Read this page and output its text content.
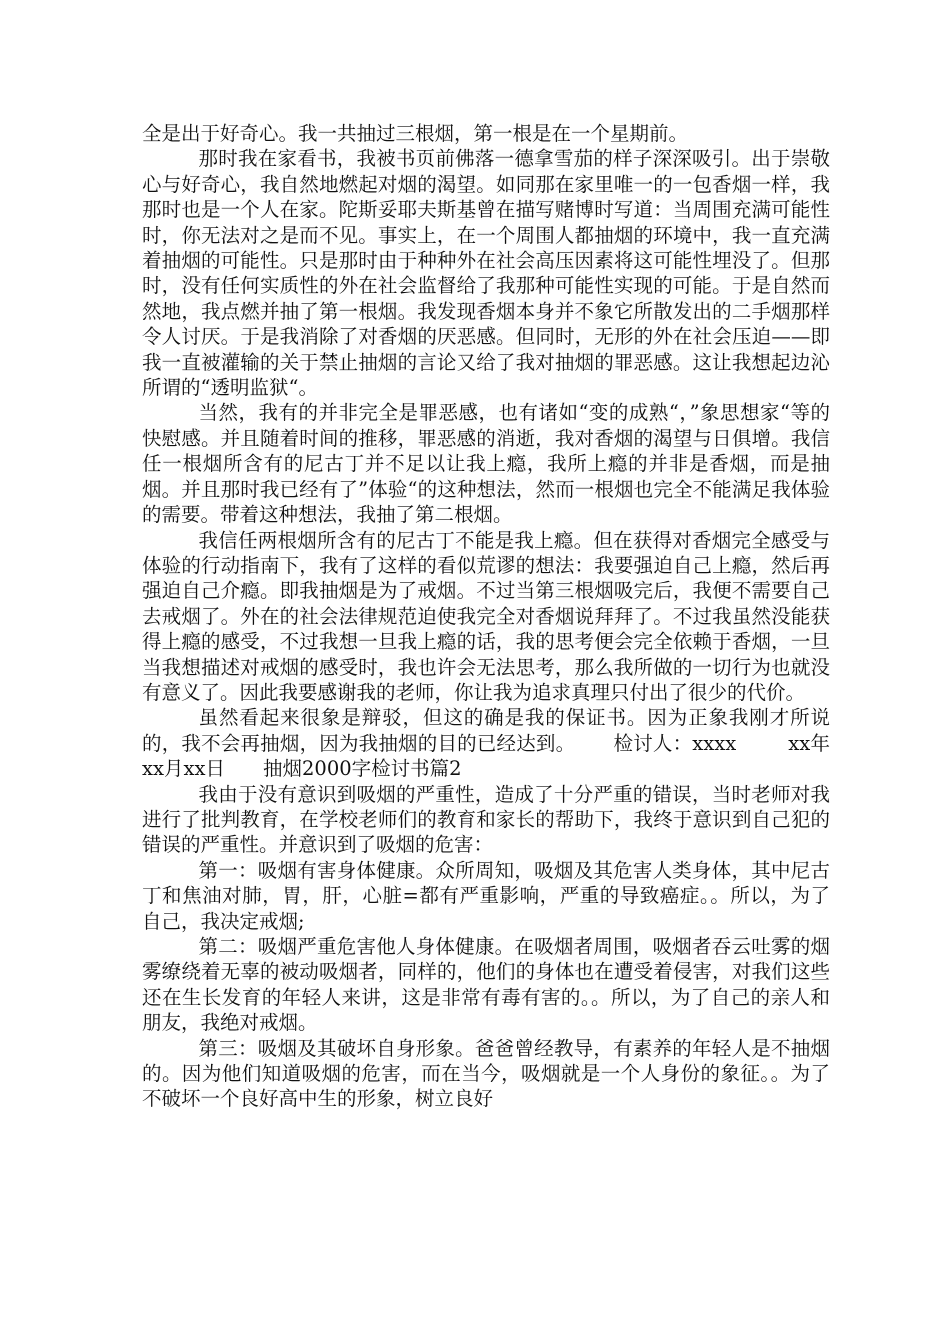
全是出于好奇心。我一共抽过三根烟，第一根是在一个星期前。

那时我在家看书，我被书页前佛落一德拿雪茄的样子深深吸引。出于崇敬心与好奇心，我自然地燃起对烟的渴望。如同那在家里唯一的一包香烟一样，我那时也是一个人在家。陀斯妥耶夫斯基曾在描写赌博时写道：当周围充满可能性时，你无法对之是而不见。事实上，在一个周围人都抽烟的环境中，我一直充满着抽烟的可能性。只是那时由于种种外在社会高压因素将这可能性埋没了。但那时，没有任何实质性的外在社会监督给了我那种可能性实现的可能。于是自然而然地，我点燃并抽了第一根烟。我发现香烟本身并不象它所散发出的二手烟那样令人讨厌。于是我消除了对香烟的厌恶感。但同时，无形的外在社会压迫——即我一直被灌输的关于禁止抽烟的言论又给了我对抽烟的罪恶感。这让我想起边沁所谓的“透明监狱“。

当然，我有的并非完全是罪恶感，也有诸如“变的成熟“，”象思想家“等的快慰感。并且随着时间的推移，罪恶感的消逝，我对香烟的渴望与日俱增。我信任一根烟所含有的尼古丁并不足以让我上瘾，我所上瘾的并非是香烟，而是抽烟。并且那时我已经有了”体验“的这种想法，然而一根烟也完全不能满足我体验的需要。带着这种想法，我抽了第二根烟。

我信任两根烟所含有的尼古丁不能是我上瘾。但在获得对香烟完全感受与体验的行动指南下，我有了这样的看似荒谬的想法：我要强迫自己上瘾，然后再强迫自己介瘾。即我抽烟是为了戒烟。不过当第三根烟吸完后，我便不需要自己去戒烟了。外在的社会法律规范迫使我完全对香烟说拜拜了。不过我虽然没能获得上瘾的感受，不过我想一旦我上瘾的话，我的思考便会完全依赖于香烟，一旦当我想描述对戒烟的感受时，我也许会无法思考，那么我所做的一切行为也就没有意义了。因此我要感谢我的老师，你让我为追求真理只付出了很少的代价。

虽然看起来很象是辩驳，但这的确是我的保证书。因为正象我刚才所说的，我不会再抽烟，因为我抽烟的目的已经达到。 检讨人：xxxx	xx年xx月xx日 抽烟2000字检讨书篇2

我由于没有意识到吸烟的严重性，造成了十分严重的错误，当时老师对我进行了批判教育，在学校老师们的教育和家长的帮助下，我终于意识到自己犯的错误的严重性。并意识到了吸烟的危害：

第一：吸烟有害身体健康。众所周知，吸烟及其危害人类身体，其中尼古丁和焦油对肺，胃，肝，心脏=都有严重影响，严重的导致癌症。。所以，为了自己，我决定戒烟;

第二：吸烟严重危害他人身体健康。在吸烟者周围，吸烟者吞云吐雾的烟雾缭绕着无辜的被动吸烟者，同样的，他们的身体也在遭受着侵害，对我们这些还在生长发育的年轻人来讲，这是非常有毒有害的。。所以，为了自己的亲人和朋友，我绝对戒烟。

第三：吸烟及其破坏自身形象。爸爸曾经教导，有素养的年轻人是不抽烟的。因为他们知道吸烟的危害，而在当今，吸烟就是一个人身份的象征。。为了不破坏一个良好高中生的形象，树立良好
